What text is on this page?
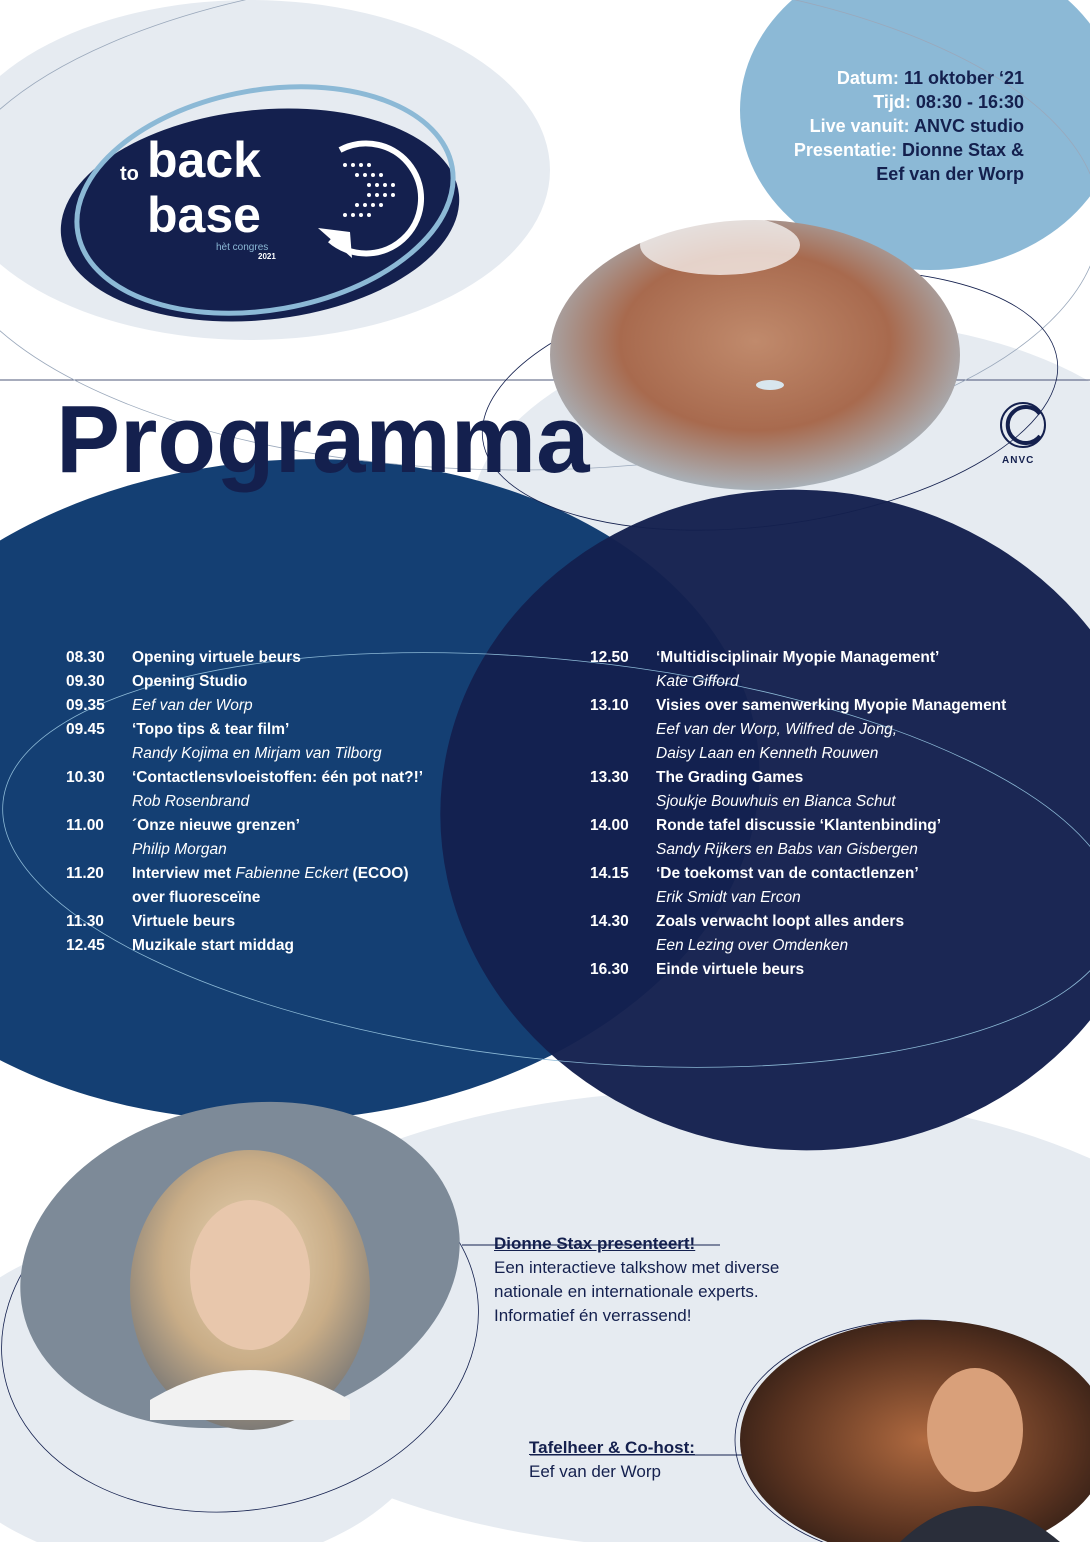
to back
base
hèt congres
2021
Datum: 11 oktober ‘21
Tijd: 08:30 - 16:30
Live vanuit: ANVC studio
Presentatie: Dionne Stax &
Eef van der Worp
Programma	ANVC
08.30 Opening virtuele beurs
09.30 Opening Studio
09.35 Eef van der Worp
09.45 ‘Topo tips & tear film’
Randy Kojima en Mirjam van Tilborg
10.30 ‘Contactlensvloeistoffen: één pot nat?!’
Rob Rosenbrand
11.00 ´Onze nieuwe grenzen’
Philip Morgan
11.20 Interview met Fabienne Eckert (ECOO)
over fluoresceïne
11.30 Virtuele beurs
12.45 Muzikale start middag
12.50 ‘Multidisciplinair Myopie Management’
Kate Gifford
13.10 Visies over samenwerking Myopie Management
Eef van der Worp, Wilfred de Jong,
Daisy Laan en Kenneth Rouwen
13.30 The Grading Games
Sjoukje Bouwhuis en Bianca Schut
14.00 Ronde tafel discussie ‘Klantenbinding’
Sandy Rijkers en Babs van Gisbergen
14.15 ‘De toekomst van de contactlenzen’
Erik Smidt van Ercon
14.30 Zoals verwacht loopt alles anders
Een Lezing over Omdenken
16.30 Einde virtuele beurs
Dionne Stax presenteert!
Een interactieve talkshow met diverse
nationale en internationale experts.
Informatief én verrassend!
Tafelheer & Co-host:
Eef van der Worp
